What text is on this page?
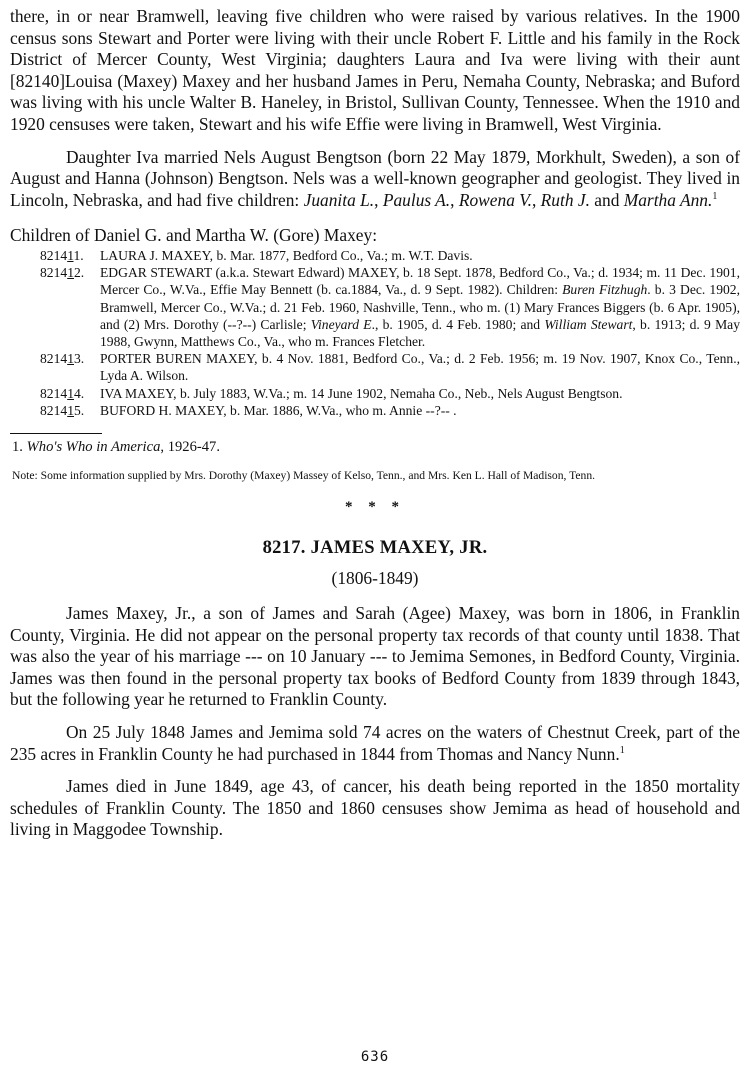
there, in or near Bramwell, leaving five children who were raised by various relatives. In the 1900 census sons Stewart and Porter were living with their uncle Robert F. Little and his family in the Rock District of Mercer County, West Virginia; daughters Laura and Iva were living with their aunt [82140]Louisa (Maxey) Maxey and her husband James in Peru, Nemaha County, Nebraska; and Buford was living with his uncle Walter B. Haneley, in Bristol, Sullivan County, Tennessee. When the 1910 and 1920 censuses were taken, Stewart and his wife Effie were living in Bramwell, West Virginia.

Daughter Iva married Nels August Bengtson (born 22 May 1879, Morkhult, Sweden), a son of August and Hanna (Johnson) Bengtson. Nels was a well-known geographer and geologist. They lived in Lincoln, Nebraska, and had five children: Juanita L., Paulus A., Rowena V., Ruth J. and Martha Ann.$^1$

Children of Daniel G. and Martha W. (Gore) Maxey:

821411.	LAURA J. MAXEY, b. Mar. 1877, Bedford Co., Va.; m. W.T. Davis.
821412.	EDGAR STEWART (a.k.a. Stewart Edward) MAXEY, b. 18 Sept. 1878, Bedford Co., Va.; d. 1934; m. 11 Dec. 1901, Mercer Co., W.Va., Effie May Bennett (b. ca.1884, Va., d. 9 Sept. 1982). Children: Buren Fitzhugh. b. 3 Dec. 1902, Bramwell, Mercer Co., W.Va.; d. 21 Feb. 1960, Nashville, Tenn., who m. (1) Mary Frances Biggers (b. 6 Apr. 1905), and (2) Mrs. Dorothy (--?--) Carlisle; Vineyard E., b. 1905, d. 4 Feb. 1980; and William Stewart, b. 1913; d. 9 May 1988, Gwynn, Matthews Co., Va., who m. Frances Fletcher.
821413.	PORTER BUREN MAXEY, b. 4 Nov. 1881, Bedford Co., Va.; d. 2 Feb. 1956; m. 19 Nov. 1907, Knox Co., Tenn., Lyda A. Wilson.
821414.	IVA MAXEY, b. July 1883, W.Va.; m. 14 June 1902, Nemaha Co., Neb., Nels August Bengtson.
821415.	BUFORD H. MAXEY, b. Mar. 1886, W.Va., who m. Annie --?-- .

1. Who's Who in America, 1926-47.

Note: Some information supplied by Mrs. Dorothy (Maxey) Massey of Kelso, Tenn., and Mrs. Ken L. Hall of Madison, Tenn.

* * *
8217. JAMES MAXEY, JR.
(1806-1849)

James Maxey, Jr., a son of James and Sarah (Agee) Maxey, was born in 1806, in Franklin County, Virginia. He did not appear on the personal property tax records of that county until 1838. That was also the year of his marriage --- on 10 January --- to Jemima Semones, in Bedford County, Virginia. James was then found in the personal property tax books of Bedford County from 1839 through 1843, but the following year he returned to Franklin County.

On 25 July 1848 James and Jemima sold 74 acres on the waters of Chestnut Creek, part of the 235 acres in Franklin County he had purchased in 1844 from Thomas and Nancy Nunn.$^1$

James died in June 1849, age 43, of cancer, his death being reported in the 1850 mortality schedules of Franklin County. The 1850 and 1860 censuses show Jemima as head of household and living in Maggodee Township.

636
